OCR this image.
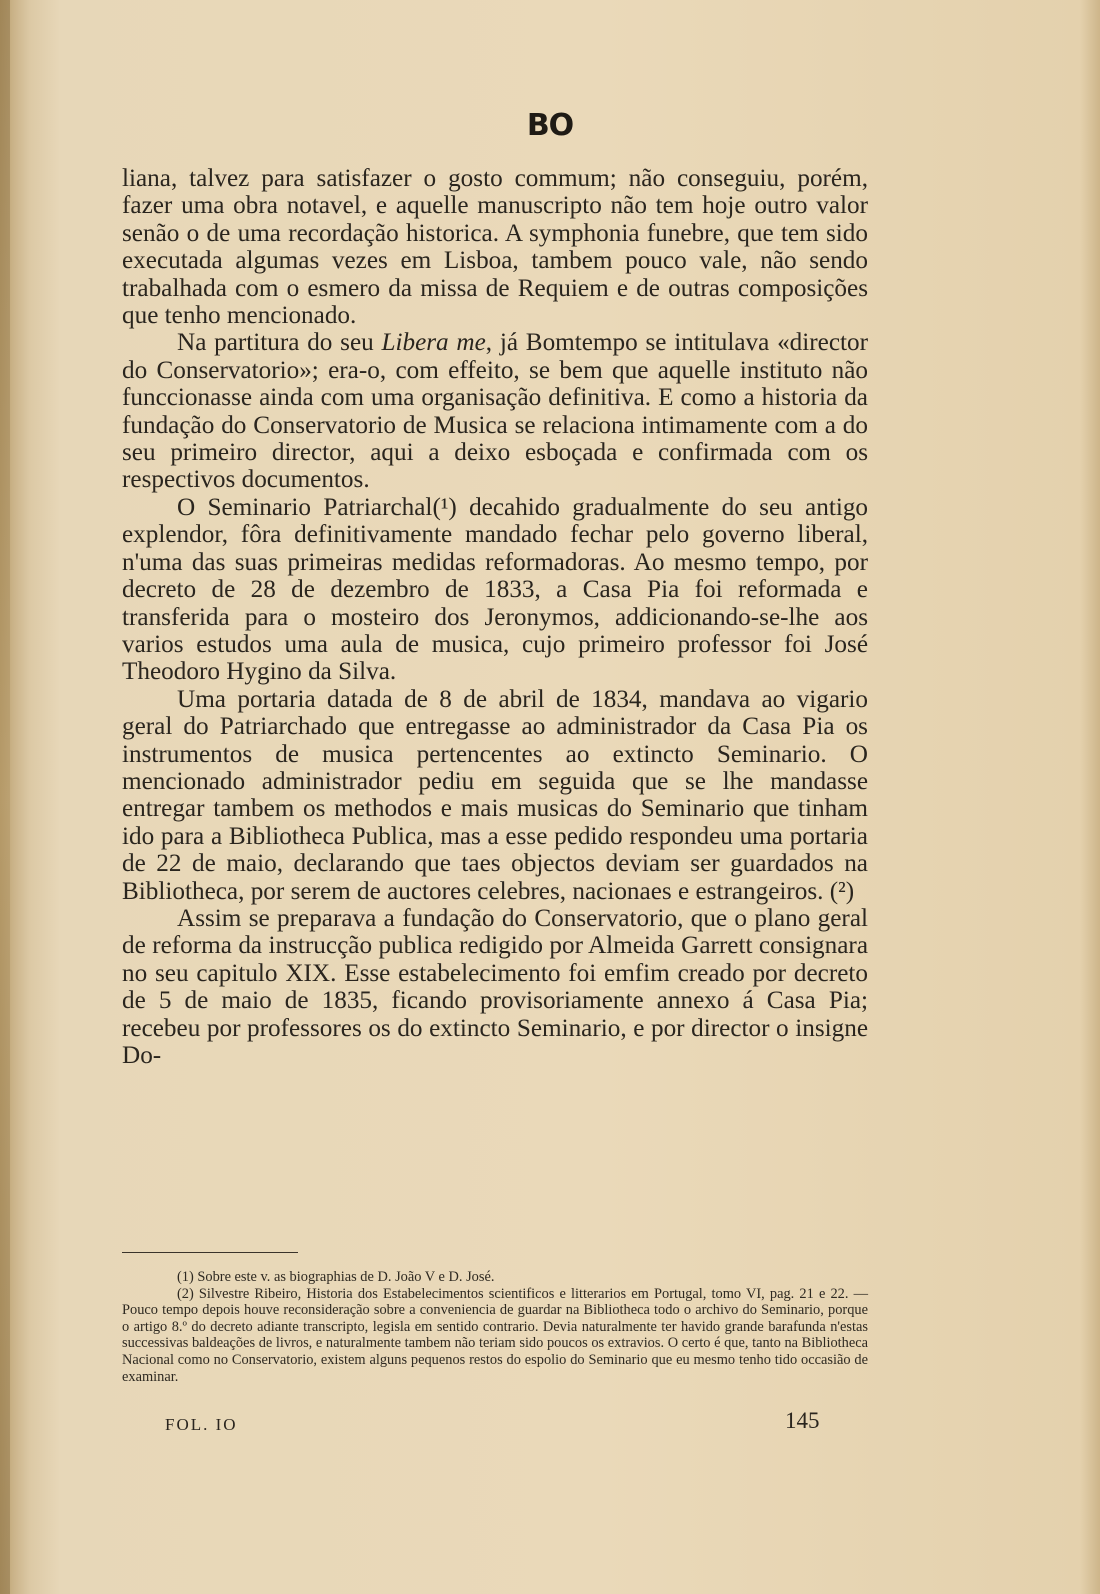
BO

liana, talvez para satisfazer o gosto commum; não conseguiu, porém, fazer uma obra notavel, e aquelle manuscripto não tem hoje outro valor senão o de uma recordação historica. A symphonia funebre, que tem sido executada algumas vezes em Lisboa, tambem pouco vale, não sendo trabalhada com o esmero da missa de Requiem e de outras composições que tenho mencionado.

Na partitura do seu Libera me, já Bomtempo se intitulava «director do Conservatorio»; era-o, com effeito, se bem que aquelle instituto não funccionasse ainda com uma organisação definitiva. E como a historia da fundação do Conservatorio de Musica se relaciona intimamente com a do seu primeiro director, aqui a deixo esboçada e confirmada com os respectivos documentos.

O Seminario Patriarchal(¹) decahido gradualmente do seu antigo explendor, fôra definitivamente mandado fechar pelo governo liberal, n'uma das suas primeiras medidas reformadoras. Ao mesmo tempo, por decreto de 28 de dezembro de 1833, a Casa Pia foi reformada e transferida para o mosteiro dos Jeronymos, addicionando-se-lhe aos varios estudos uma aula de musica, cujo primeiro professor foi José Theodoro Hygino da Silva.

Uma portaria datada de 8 de abril de 1834, mandava ao vigario geral do Patriarchado que entregasse ao administrador da Casa Pia os instrumentos de musica pertencentes ao extincto Seminario. O mencionado administrador pediu em seguida que se lhe mandasse entregar tambem os methodos e mais musicas do Seminario que tinham ido para a Bibliotheca Publica, mas a esse pedido respondeu uma portaria de 22 de maio, declarando que taes objectos deviam ser guardados na Bibliotheca, por serem de auctores celebres, nacionaes e estrangeiros. (²)

Assim se preparava a fundação do Conservatorio, que o plano geral de reforma da instrucção publica redigido por Almeida Garrett consignara no seu capitulo XIX. Esse estabelecimento foi emfim creado por decreto de 5 de maio de 1835, ficando provisoriamente annexo á Casa Pia; recebeu por professores os do extincto Seminario, e por director o insigne Do-

(1) Sobre este v. as biographias de D. João V e D. José.

(2) Silvestre Ribeiro, Historia dos Estabelecimentos scientificos e litterarios em Portugal, tomo VI, pag. 21 e 22. — Pouco tempo depois houve reconsideração sobre a conveniencia de guardar na Bibliotheca todo o archivo do Seminario, porque o artigo 8.º do decreto adiante transcripto, legisla em sentido contrario. Devia naturalmente ter havido grande barafunda n'estas successivas baldeações de livros, e naturalmente tambem não teriam sido poucos os extravios. O certo é que, tanto na Bibliotheca Nacional como no Conservatorio, existem alguns pequenos restos do espolio do Seminario que eu mesmo tenho tido occasião de examinar.

FOL. IO	145
